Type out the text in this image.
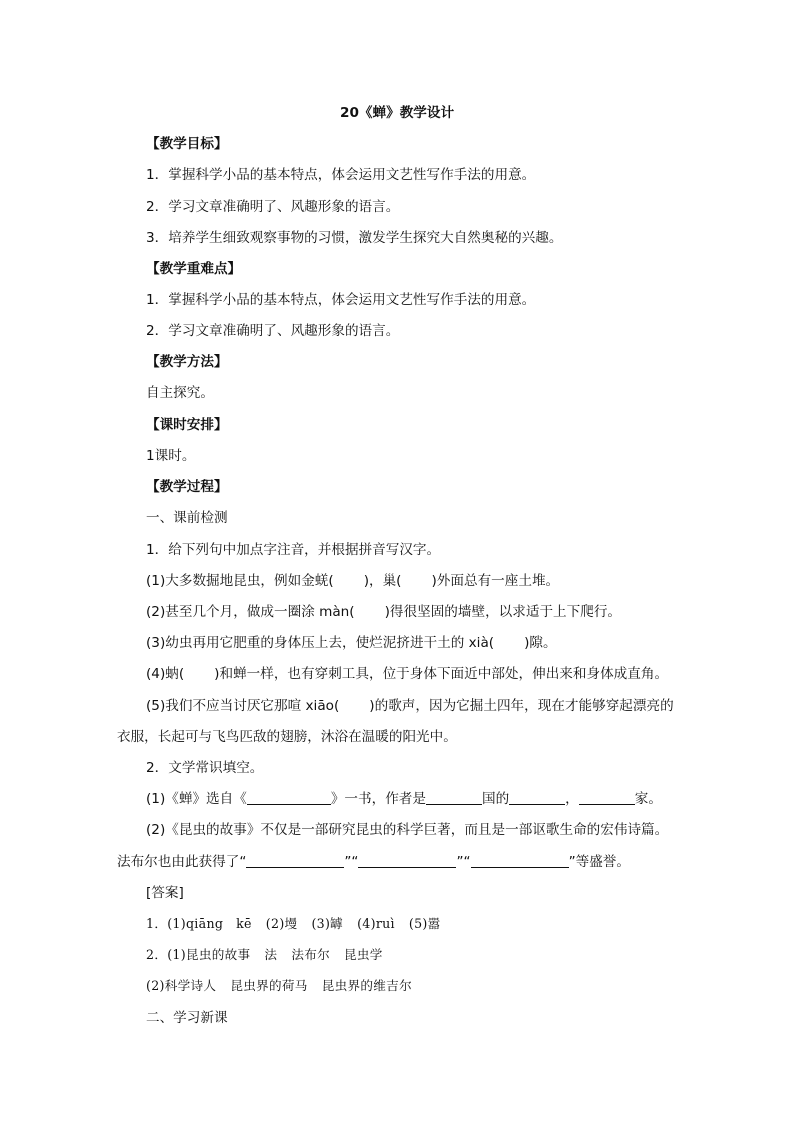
20《蝉》教学设计
【教学目标】
1．掌握科学小品的基本特点，体会运用文艺性写作手法的用意。
2．学习文章准确明了、风趣形象的语言。
3．培养学生细致观察事物的习惯，激发学生探究大自然奥秘的兴趣。
【教学重难点】
1．掌握科学小品的基本特点，体会运用文艺性写作手法的用意。
2．学习文章准确明了、风趣形象的语言。
【教学方法】
自主探究。
【课时安排】
1课时。
【教学过程】
一、课前检测
1．给下列句中加点字注音，并根据拼音写汉字。
(1)大多数掘地昆虫，例如金蜣( )，巢( )外面总有一座土堆。
(2)甚至几个月，做成一圈涂 màn( )得很坚固的墙壁，以求适于上下爬行。
(3)幼虫再用它肥重的身体压上去，使烂泥挤进干土的 xià( )隙。
(4)蚋( )和蝉一样，也有穿刺工具，位于身体下面近中部处，伸出来和身体成直角。
(5)我们不应当讨厌它那喧 xiāo( )的歌声，因为它掘土四年，现在才能够穿起漂亮的
衣服，长起可与飞鸟匹敌的翅膀，沐浴在温暖的阳光中。
2．文学常识填空。
(1)《蝉》选自《	》一书，作者是	国的	，	家。
(2)《昆虫的故事》不仅是一部研究昆虫的科学巨著，而且是一部讴歌生命的宏伟诗篇。
法布尔也由此获得了“	”“	”“	”等盛誉。
[答案]
1．(1)qiāng　kē (2)墁 (3)罅 (4)ruì (5)嚣
2．(1)昆虫的故事 法 法布尔 昆虫学
(2)科学诗人 昆虫界的荷马 昆虫界的维吉尔
二、学习新课
